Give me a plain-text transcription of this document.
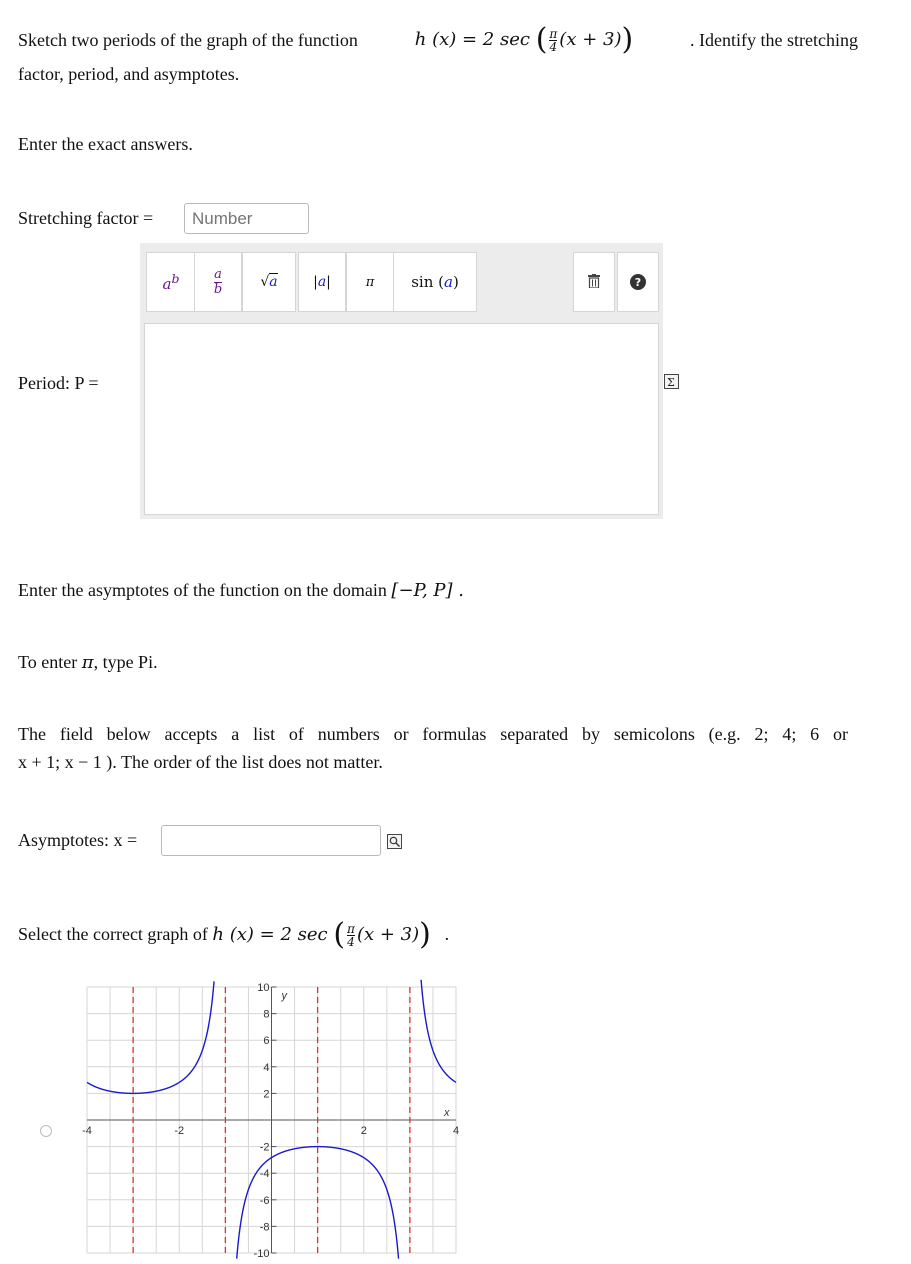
Sketch two periods of the graph of the function	h (x) = 2 sec ( $\frac{\pi}{4} (x + 3)$)	. Identify the stretching
factor, period, and asymptotes.
Enter the exact answers.
Stretching factor =
Number
$a^b$	$\frac{a}{b}$	√a	|a|	π sin (a)	?
Period: P =	Σ
Enter the asymptotes of the function on the domain [−P, P] .
To enter π, type Pi.
The field below accepts a list of numbers or formulas separated by semicolons (e.g. 2; 4; 6 or
x + 1; x − 1 ). The order of the list does not matter.
Asymptotes: x =
Select the correct graph of h (x) = 2 sec ( $\frac{\pi}{4} (x + 3)$) .
-4	-2	2	4
10
8
6
4
2
-2
-4
-6
-8
-10
x
y
